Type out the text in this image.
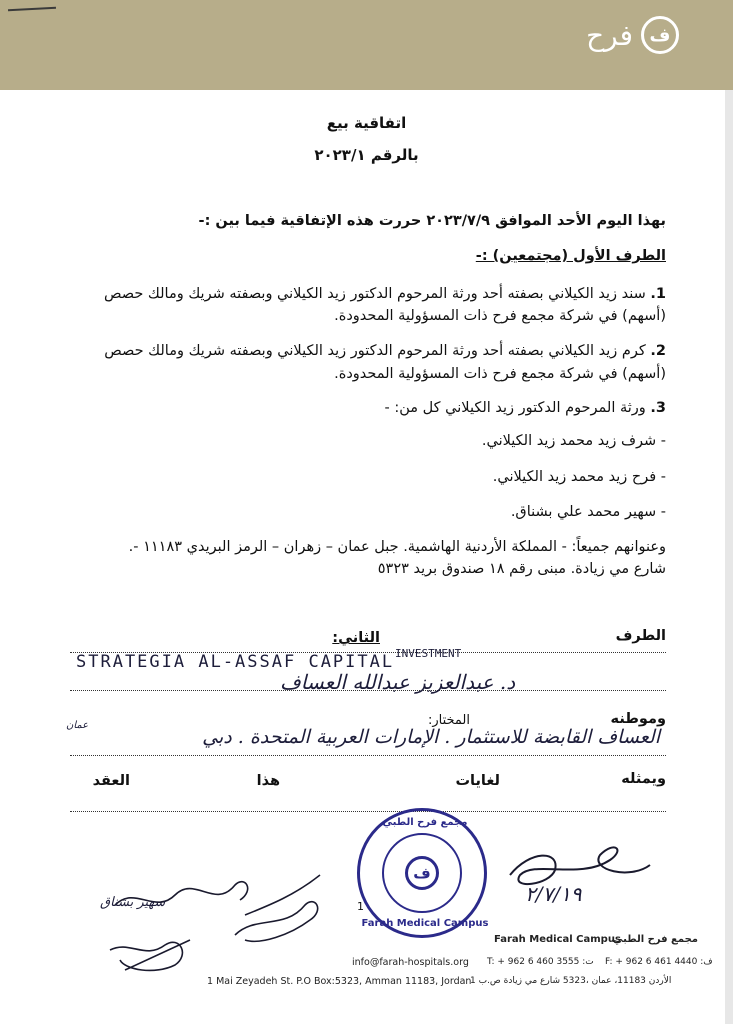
ف
فرح
اتفاقية بيع
بالرقم ٢٠٢٣/١
بهذا اليوم الأحد الموافق ٢٠٢٣/٧/٩ حررت هذه الإتفاقية فيما بين :-
الطرف الأول (مجتمعين) :-
1. سند زيد الكيلاني بصفته أحد ورثة المرحوم الدكتور زيد الكيلاني وبصفته شريك ومالك حصص
(أسهم) في شركة مجمع فرح ذات المسؤولية المحدودة.
2. كرم زيد الكيلاني بصفته أحد ورثة المرحوم الدكتور زيد الكيلاني وبصفته شريك ومالك حصص
(أسهم) في شركة مجمع فرح ذات المسؤولية المحدودة.
3. ورثة المرحوم الدكتور زيد الكيلاني كل من: -
- شرف زيد محمد زيد الكيلاني.
- فرح زيد محمد زيد الكيلاني.
- سهير محمد علي بشناق.
وعنوانهم جميعاً: - المملكة الأردنية الهاشمية. جبل عمان – زهران – الرمز البريدي ١١١٨٣ -.
شارع مي زيادة. مبنى رقم ١٨ صندوق بريد ٥٣٢٣
الطرف
الثاني:
STRATEGIA AL-ASSAF CAPITAL INVESTMENT
د. عبدالعزيز عبدالله العساف
وموطنه
المختار:
العساف القابضة للاستثمار . الإمارات العربية المتحدة . دبي
عمان
ويمثله
لغايات
هذا
العقد
٢/٧/١٩
سهير بشناق
مجمع فرح الطبي
ف
Farah Medical Campus
1
Farah Medical Campus
مجمع فرح الطبي
info@farah-hospitals.org T: + 962 6 460 3555 :ت F: + 962 6 461 4440 :ف
1 Mai Zeyadeh St. P.O Box:5323, Amman 11183, Jordan
الأردن 11183، عمان ،5323 شارع مي زيادة ص.ب 1
